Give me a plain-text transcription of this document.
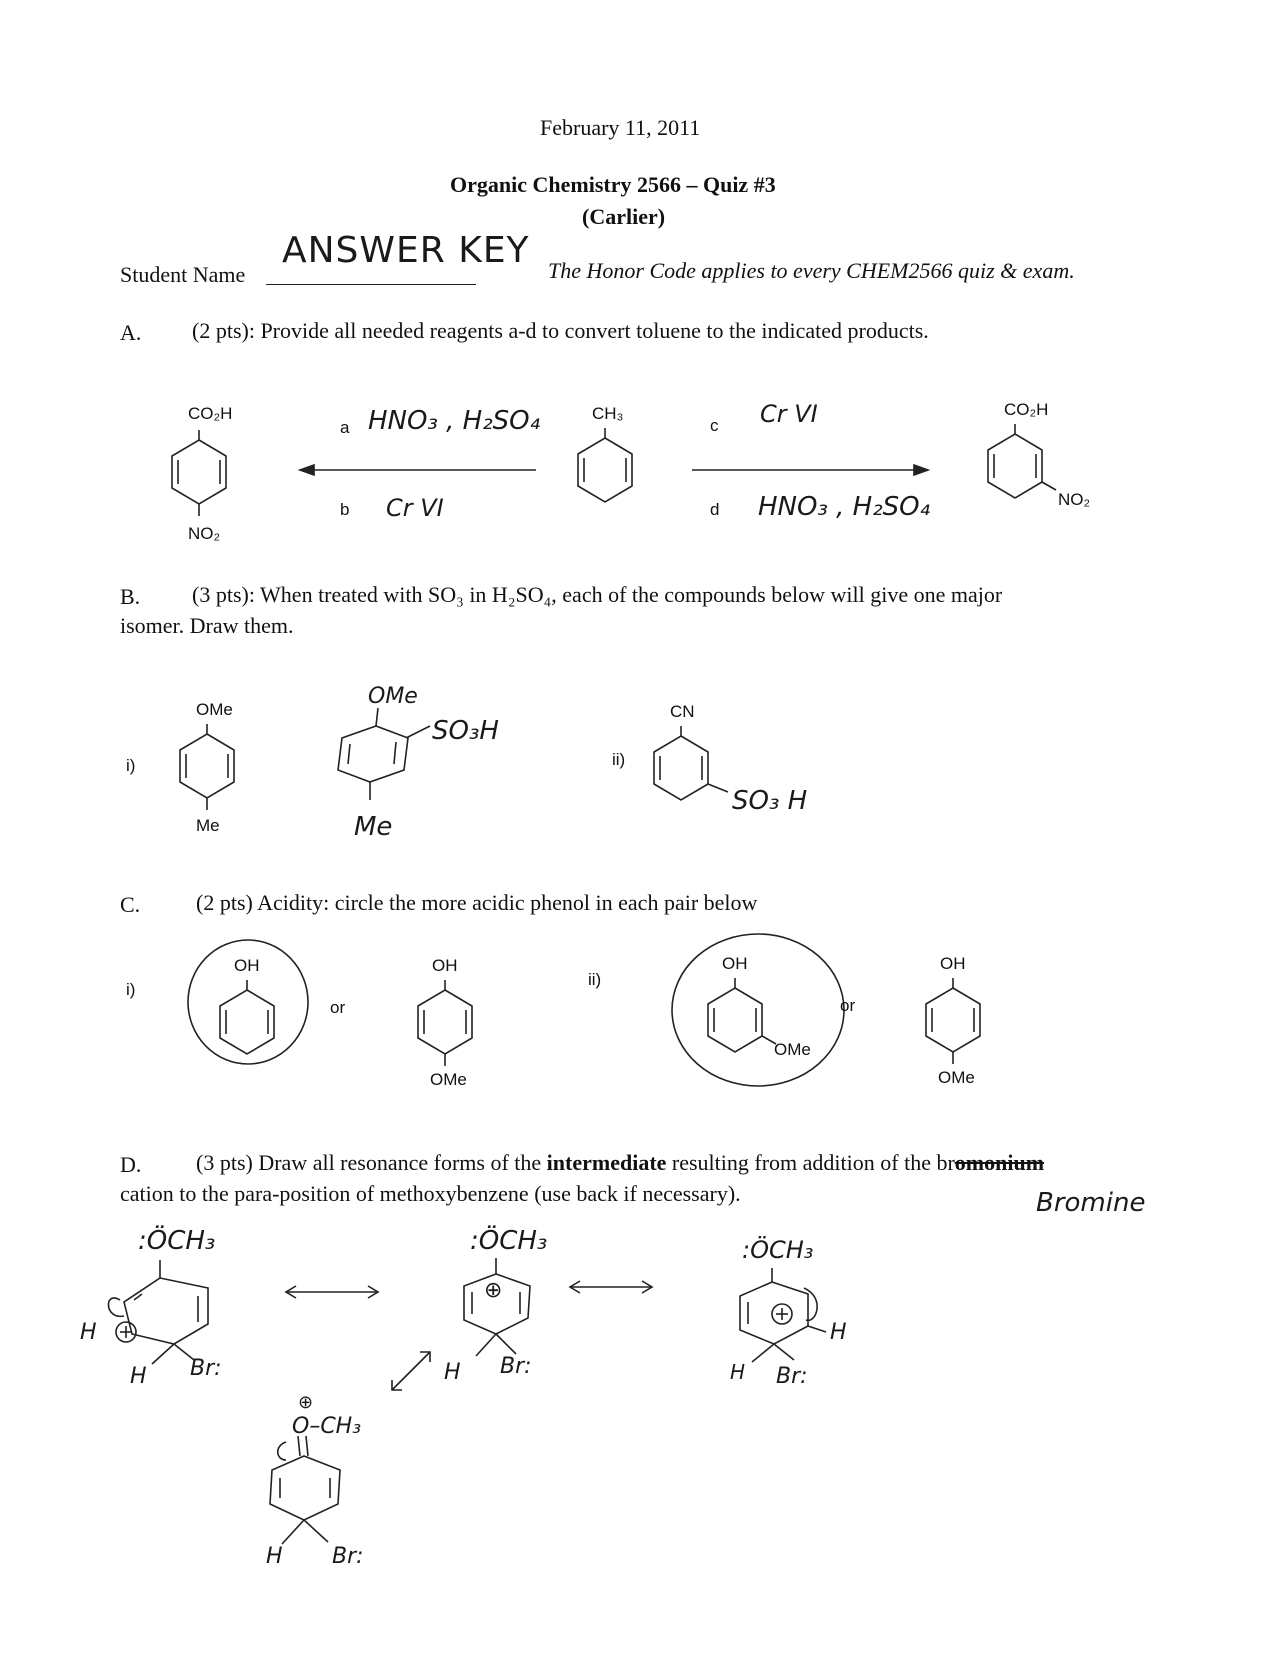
February 11, 2011
Organic Chemistry 2566 – Quiz #3
(Carlier)
Student Name
ANSWER KEY The Honor Code applies to every CHEM2566 quiz & exam.
A. (2 pts): Provide all needed reagents a-d to convert toluene to the indicated products.
CO₂H
NO₂
a HNO₃ , H₂SO₄
b Cr VI
CH₃
c Cr VI
d HNO₃ , H₂SO₄
CO₂H
NO₂
B. (3 pts): When treated with SO₃ in H₂SO₄, each of the compounds below will give one major
isomer. Draw them.
i)
OMe
Me
OMe
SO₃H
Me
ii)
CN
SO₃ H
C.	(2 pts) Acidity: circle the more acidic phenol in each pair below
i)
OH
or
OH
OMe
ii)
OH
OMe
or
OH
OMe
D. (3 pts) Draw all resonance forms of the intermediate resulting from addition of the bromonium
cation to the para-position of methoxybenzene (use back if necessary).	Bromine
:ÖCH₃
H
H Br:
:ÖCH₃
⊕
H Br:
:ÖCH₃
H
H Br:
⊕
O–CH₃
H Br:
